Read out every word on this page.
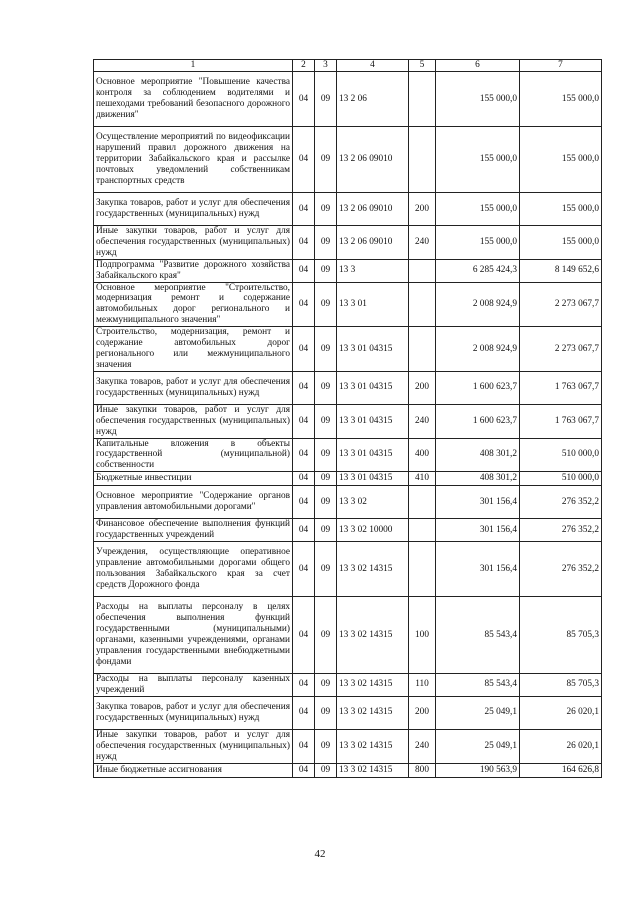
1	2	3	4	5	6	7
Основное мероприятие "Повышение качества контроля за соблюдением водителями и пешеходами требований безопасного дорожного движения"	04	09	13 2 06		155 000,0	155 000,0
Осуществление мероприятий по видеофиксации нарушений правил дорожного движения на территории Забайкальского края и рассылке почтовых уведомлений собственникам транспортных средств	04	09	13 2 06 09010		155 000,0	155 000,0
Закупка товаров, работ и услуг для обеспечения государственных (муниципальных) нужд	04	09	13 2 06 09010	200	155 000,0	155 000,0
Иные закупки товаров, работ и услуг для обеспечения государственных (муниципальных) нужд	04	09	13 2 06 09010	240	155 000,0	155 000,0
Подпрограмма "Развитие дорожного хозяйства Забайкальского края"	04	09	13 3		6 285 424,3	8 149 652,6
Основное мероприятие "Строительство, модернизация ремонт и содержание автомобильных дорог регионального и межмуниципального значения"	04	09	13 3 01		2 008 924,9	2 273 067,7
Строительство, модернизация, ремонт и содержание автомобильных дорог регионального или межмуниципального значения	04	09	13 3 01 04315		2 008 924,9	2 273 067,7
Закупка товаров, работ и услуг для обеспечения государственных (муниципальных) нужд	04	09	13 3 01 04315	200	1 600 623,7	1 763 067,7
Иные закупки товаров, работ и услуг для обеспечения государственных (муниципальных) нужд	04	09	13 3 01 04315	240	1 600 623,7	1 763 067,7
Капитальные вложения в объекты государственной (муниципальной) собственности	04	09	13 3 01 04315	400	408 301,2	510 000,0
Бюджетные инвестиции	04	09	13 3 01 04315	410	408 301,2	510 000,0
Основное мероприятие "Содержание органов управления автомобильными дорогами"	04	09	13 3 02		301 156,4	276 352,2
Финансовое обеспечение выполнения функций государственных учреждений	04	09	13 3 02 10000		301 156,4	276 352,2
Учреждения, осуществляющие оперативное управление автомобильными дорогами общего пользования Забайкальского края за счет средств Дорожного фонда	04	09	13 3 02 14315		301 156,4	276 352,2
Расходы на выплаты персоналу в целях обеспечения выполнения функций государственными (муниципальными) органами, казенными учреждениями, органами управления государственными внебюджетными фондами	04	09	13 3 02 14315	100	85 543,4	85 705,3
Расходы на выплаты персоналу казенных учреждений	04	09	13 3 02 14315	110	85 543,4	85 705,3
Закупка товаров, работ и услуг для обеспечения государственных (муниципальных) нужд	04	09	13 3 02 14315	200	25 049,1	26 020,1
Иные закупки товаров, работ и услуг для обеспечения государственных (муниципальных) нужд	04	09	13 3 02 14315	240	25 049,1	26 020,1
Иные бюджетные ассигнования	04	09	13 3 02 14315	800	190 563,9	164 626,8
42
